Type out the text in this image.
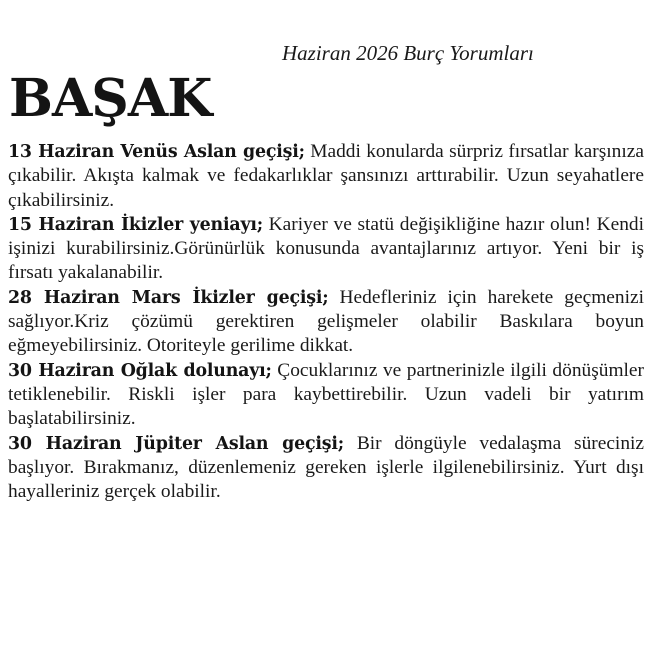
BAŞAK
Haziran 2026 Burç Yorumları

13 Haziran Venüs Aslan geçişi; Maddi konularda sürpriz fırsatlar karşınıza çıkabilir. Akışta kalmak ve fedakarlıklar şansınızı arttırabilir. Uzun seyahatlere çıkabilirsiniz.

15 Haziran İkizler yeniayı; Kariyer ve statü değişikliğine hazır olun! Kendi işinizi kurabilirsiniz.Görünürlük konusunda avantajlarınız artıyor. Yeni bir iş fırsatı yakalanabilir.

28 Haziran Mars İkizler geçişi; Hedefleriniz için harekete geçmenizi sağlıyor.Kriz çözümü gerektiren gelişmeler olabilir Baskılara boyun eğmeyebilirsiniz. Otoriteyle gerilime dikkat.

30 Haziran Oğlak dolunayı; Çocuklarınız ve partnerinizle ilgili dönüşümler tetiklenebilir. Riskli işler para kaybettirebilir. Uzun vadeli bir yatırım başlatabilirsiniz.

30 Haziran Jüpiter Aslan geçişi; Bir döngüyle vedalaşma süreciniz başlıyor. Bırakmanız, düzenlemeniz gereken işlerle ilgilenebilirsiniz. Yurt dışı hayalleriniz gerçek olabilir.
